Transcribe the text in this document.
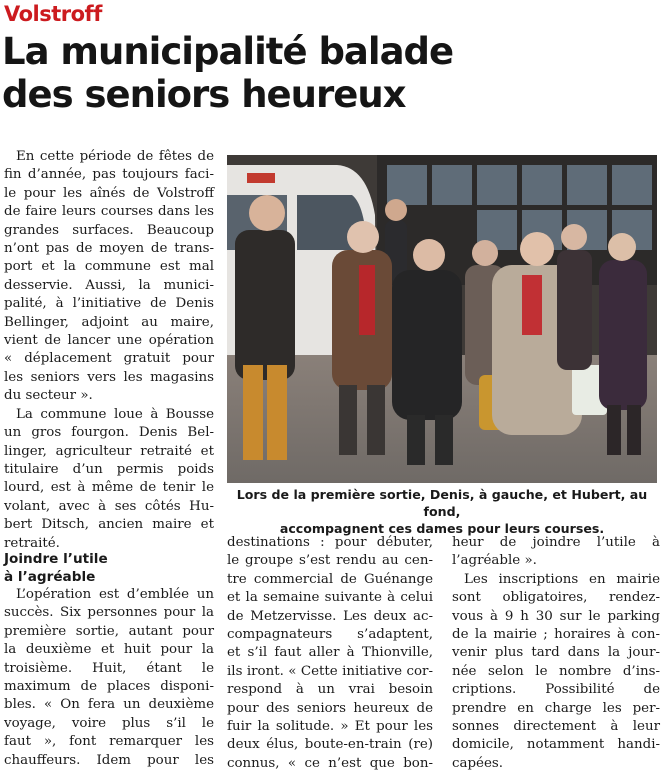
Volstroff
La municipalité balade
des seniors heureux

En cette période de fêtes de

fin d’année, pas toujours faci-

le pour les aînés de Volstroff

de faire leurs courses dans les

grandes surfaces. Beaucoup

n’ont pas de moyen de trans-

port et la commune est mal

desservie. Aussi, la munici-

palité, à l’initiative de Denis

Bellinger, adjoint au maire,

vient de lancer une opération

« déplacement gratuit pour

les seniors vers les magasins

du secteur ».

La commune loue à Bousse

un gros fourgon. Denis Bel-

linger, agriculteur retraité et

titulaire d’un permis poids

lourd, est à même de tenir le

volant, avec à ses côtés Hu-

bert Ditsch, ancien maire et

retraité.

Joindre l’utile
à l’agréable

L’opération est d’emblée un

succès. Six personnes pour la

première sortie, autant pour

la deuxième et huit pour la

troisième. Huit, étant le

maximum de places disponi-

bles. « On fera un deuxième

voyage, voire plus s’il le

faut », font remarquer les

chauffeurs. Idem pour les

Lors de la première sortie, Denis, à gauche, et Hubert, au fond,
accompagnent ces dames pour leurs courses.

destinations : pour débuter,

le groupe s’est rendu au cen-

tre commercial de Guénange

et la semaine suivante à celui

de Metzervisse. Les deux ac-

compagnateurs s’adaptent,

et s’il faut aller à Thionville,

ils iront. « Cette initiative cor-

respond à un vrai besoin

pour des seniors heureux de

fuir la solitude. » Et pour les

deux élus, boute-en-train (re)

connus, « ce n’est que bon-

heur de joindre l’utile à

l’agréable ».

Les inscriptions en mairie

sont obligatoires, rendez-

vous à 9 h 30 sur le parking

de la mairie ; horaires à con-

venir plus tard dans la jour-

née selon le nombre d’ins-

criptions. Possibilité de

prendre en charge les per-

sonnes directement à leur

domicile, notamment handi-

capées.
